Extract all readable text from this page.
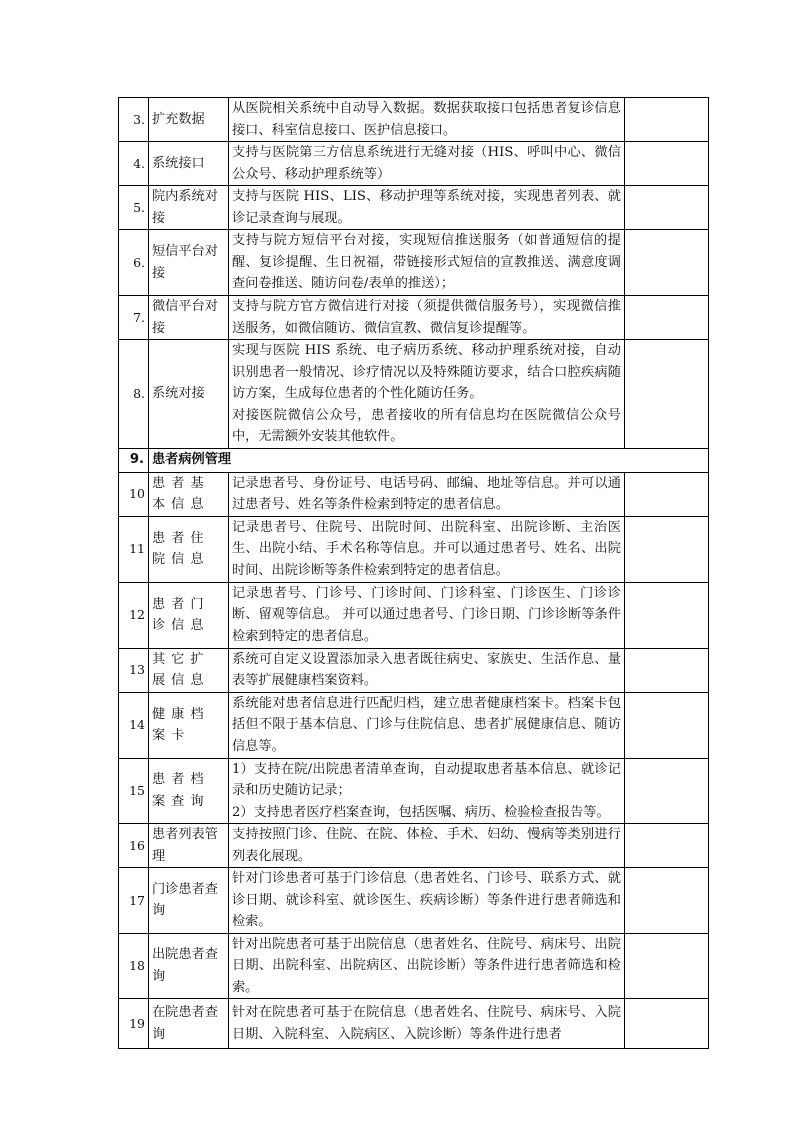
3.	扩充数据	从医院相关系统中自动导入数据。数据获取接口包括患者复诊信息接口、科室信息接口、医护信息接口。	

4.	系统接口	支持与医院第三方信息系统进行无缝对接（HIS、呼叫中心、微信公众号、移动护理系统等）	

5.	院内系统对接	支持与医院 HIS、LIS、移动护理等系统对接，实现患者列表、就诊记录查询与展现。	

6.	短信平台对接	支持与院方短信平台对接，实现短信推送服务（如普通短信的提醒、复诊提醒、生日祝福，带链接形式短信的宣教推送、满意度调查问卷推送、随访问卷/表单的推送）；	

7.	微信平台对接	支持与院方官方微信进行对接（须提供微信服务号），实现微信推送服务，如微信随访、微信宣教、微信复诊提醒等。	

8.	系统对接	实现与医院 HIS 系统、电子病历系统、移动护理系统对接，自动识别患者一般情况、诊疗情况以及特殊随访要求，结合口腔疾病随访方案，生成每位患者的个性化随访任务。
对接医院微信公众号，患者接收的所有信息均在医院微信公众号中，无需额外安装其他软件。	

9.	患者病例管理		
10	患者基本信息	记录患者号、身份证号、电话号码、邮编、地址等信息。并可以通过患者号、姓名等条件检索到特定的患者信息。	

11	患者住院信息	记录患者号、住院号、出院时间、出院科室、出院诊断、主治医生、出院小结、手术名称等信息。并可以通过患者号、姓名、出院时间、出院诊断等条件检索到特定的患者信息。	

12	患者门诊信息	记录患者号、门诊号、门诊时间、门诊科室、门诊医生、门诊诊断、留观等信息。 并可以通过患者号、门诊日期、门诊诊断等条件检索到特定的患者信息。	

13	其它扩展信息	系统可自定义设置添加录入患者既往病史、家族史、生活作息、量表等扩展健康档案资料。	

14	健康档案卡	系统能对患者信息进行匹配归档，建立患者健康档案卡。档案卡包括但不限于基本信息、门诊与住院信息、患者扩展健康信息、随访信息等。	

15	患者档案查询	1）支持在院/出院患者清单查询，自动提取患者基本信息、就诊记录和历史随访记录；
2）支持患者医疗档案查询，包括医嘱、病历、检验检查报告等。	

16	患者列表管理	支持按照门诊、住院、在院、体检、手术、妇幼、慢病等类别进行列表化展现。	

17	门诊患者查询	针对门诊患者可基于门诊信息（患者姓名、门诊号、联系方式、就诊日期、就诊科室、就诊医生、疾病诊断）等条件进行患者筛选和检索。	

18	出院患者查询	针对出院患者可基于出院信息（患者姓名、住院号、病床号、出院日期、出院科室、出院病区、出院诊断）等条件进行患者筛选和检索。	

19	在院患者查询	针对在院患者可基于在院信息（患者姓名、住院号、病床号、入院日期、入院科室、入院病区、入院诊断）等条件进行患者	
